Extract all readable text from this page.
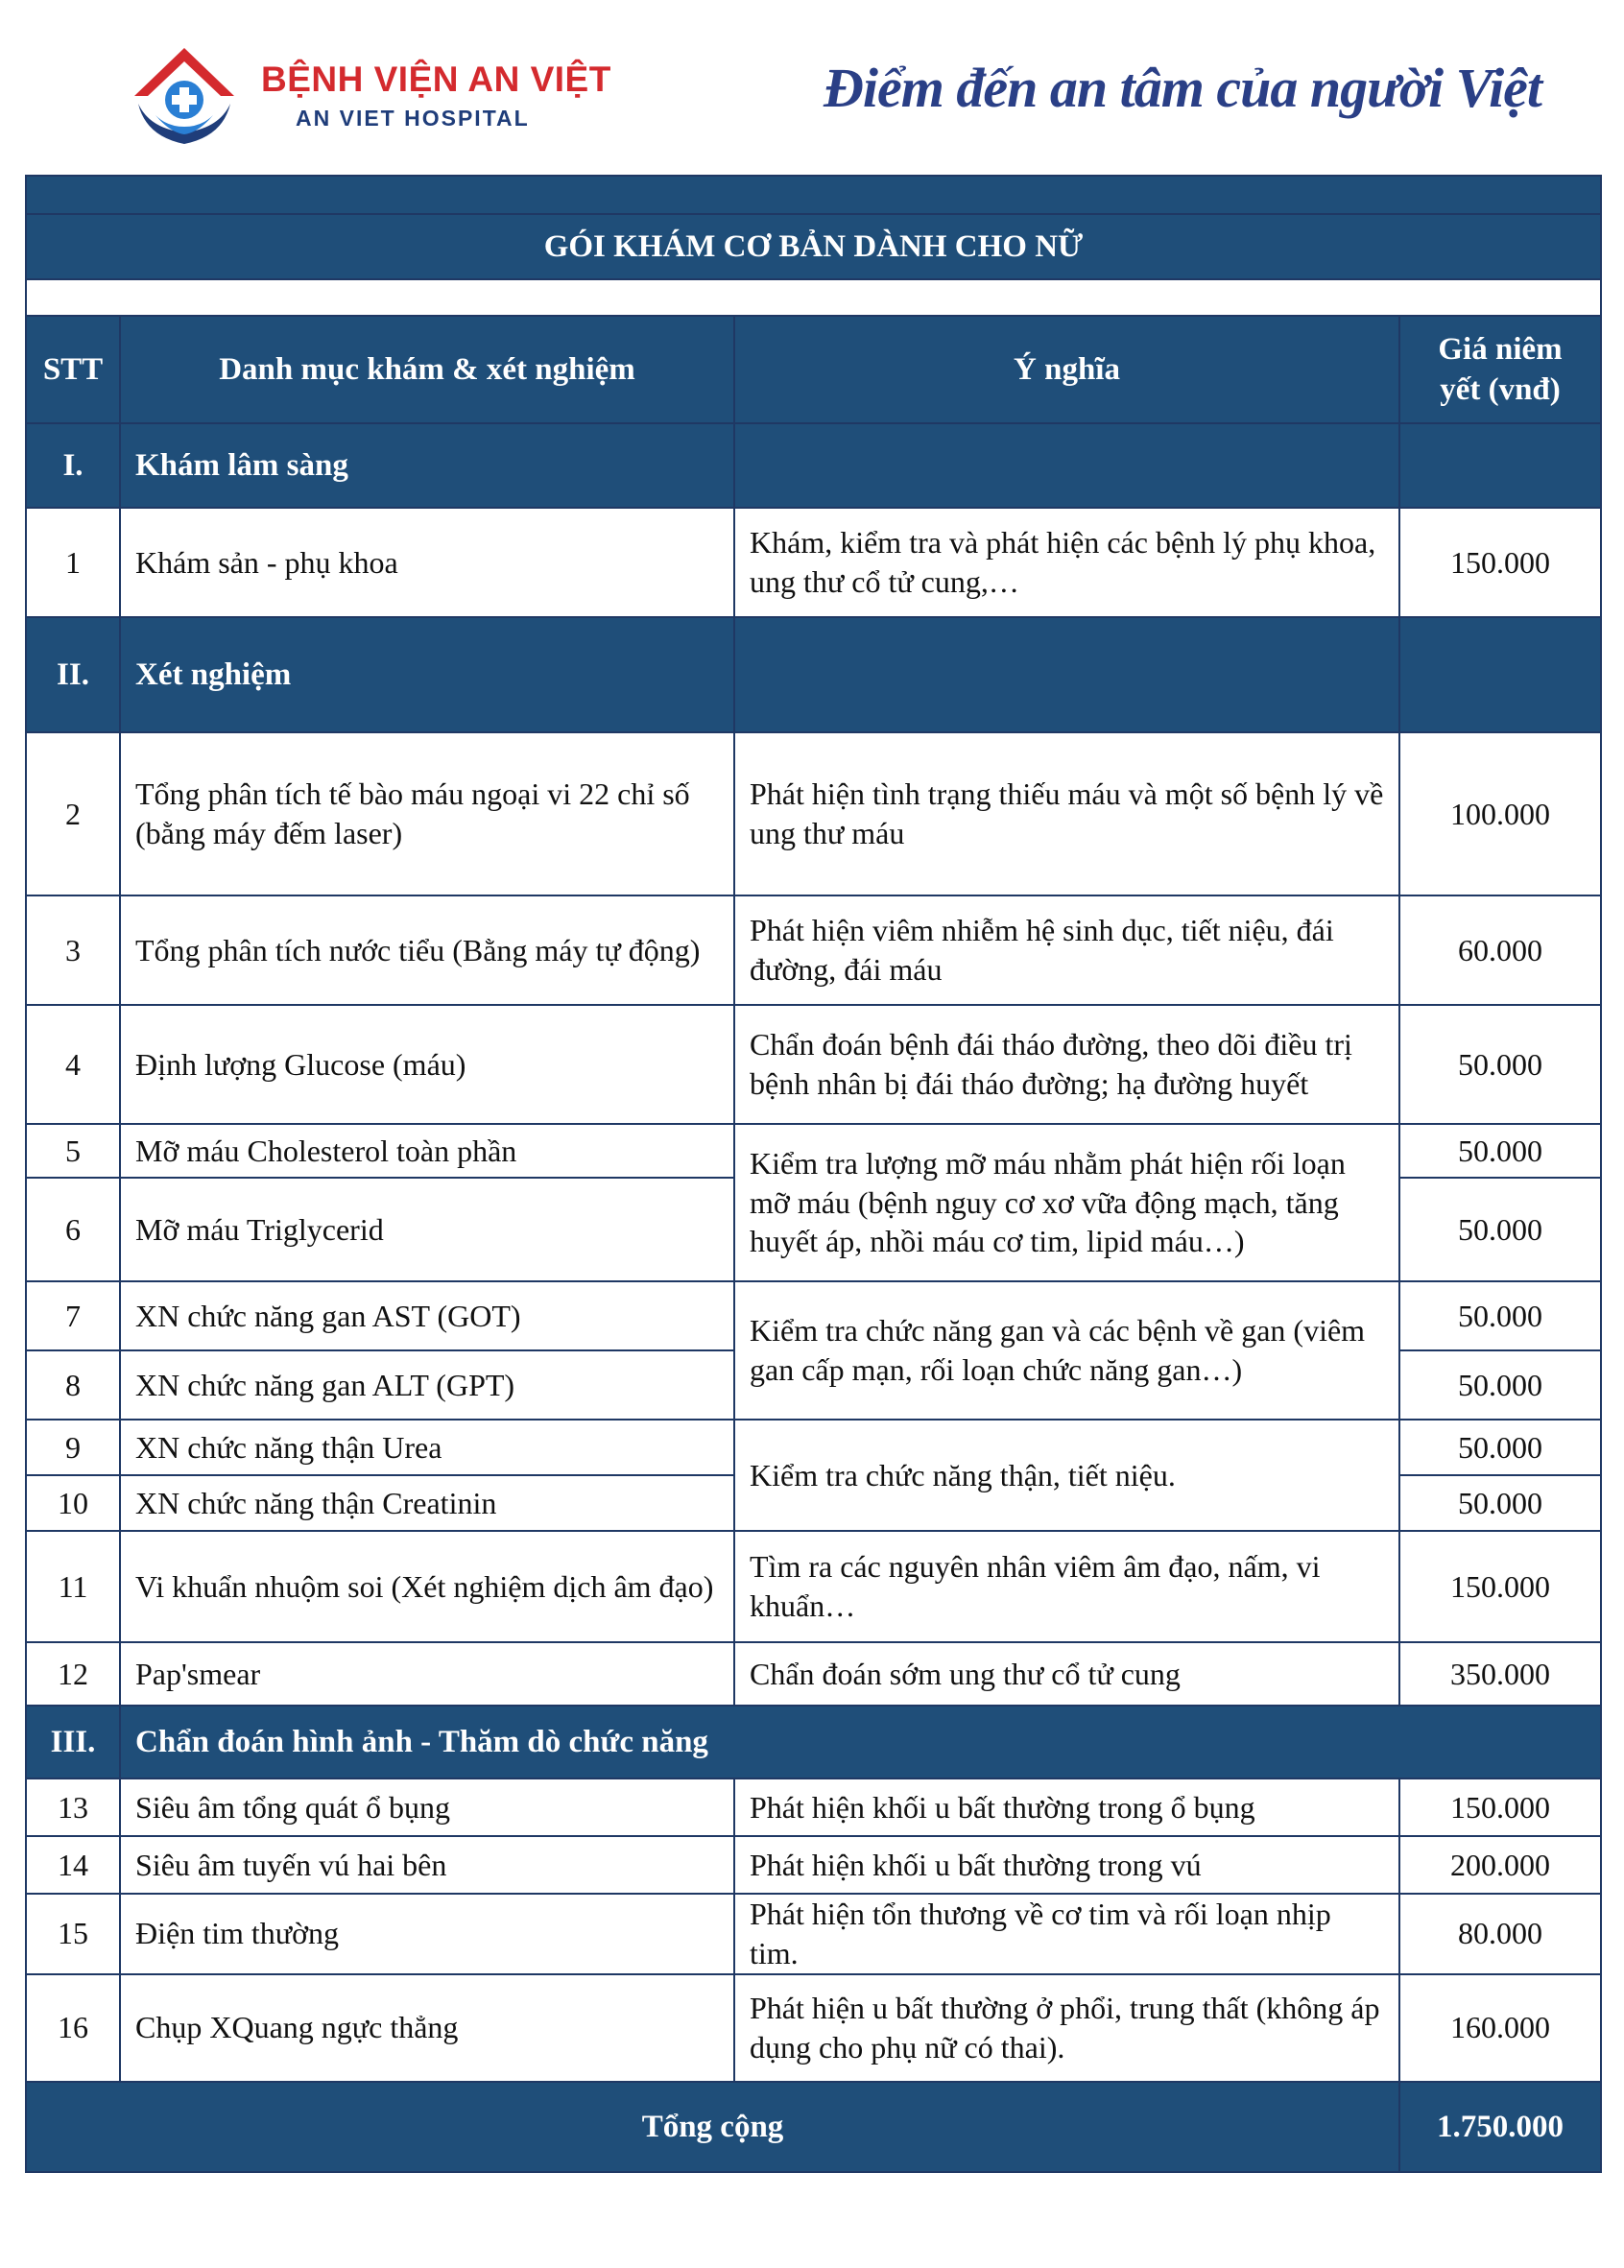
BỆNH VIỆN AN VIỆT
AN VIET HOSPITAL	Điểm đến an tâm của người Việt

GÓI KHÁM CƠ BẢN DÀNH CHO NỮ			

STT	Danh mục khám & xét nghiệm	Ý nghĩa	Giá niêm yết (vnđ)
I.	Khám lâm sàng		
1	Khám sản - phụ khoa	Khám, kiểm tra và phát hiện các bệnh lý phụ khoa, ung thư cổ tử cung,…	150.000
II.	Xét nghiệm		
2	Tổng phân tích tế bào máu ngoại vi 22 chỉ số (bằng máy đếm laser)	Phát hiện tình trạng thiếu máu và một số bệnh lý về ung thư máu	100.000
3	Tổng phân tích nước tiểu (Bằng máy tự động)	Phát hiện viêm nhiễm hệ sinh dục, tiết niệu, đái đường, đái máu	60.000
4	Định lượng Glucose (máu)	Chẩn đoán bệnh đái tháo đường, theo dõi điều trị bệnh nhân bị đái tháo đường; hạ đường huyết	50.000
5	Mỡ máu Cholesterol toàn phần	Kiểm tra lượng mỡ máu nhằm phát hiện rối loạn mỡ máu (bệnh nguy cơ xơ vữa động mạch, tăng huyết áp, nhồi máu cơ tim, lipid máu…)	50.000
6	Mỡ máu Triglycerid		50.000
7	XN chức năng gan AST (GOT)	Kiểm tra chức năng gan và các bệnh về gan (viêm gan cấp mạn, rối loạn chức năng gan…)	50.000
8	XN chức năng gan ALT (GPT)		50.000
9	XN chức năng thận Urea	Kiểm tra chức năng thận, tiết niệu.	50.000
10	XN chức năng thận Creatinin		50.000
11	Vi khuẩn nhuộm soi (Xét nghiệm dịch âm đạo)	Tìm ra các nguyên nhân viêm âm đạo, nấm, vi khuẩn…	150.000
12	Pap'smear	Chẩn đoán sớm ung thư cổ tử cung	350.000
III.	Chẩn đoán hình ảnh - Thăm dò chức năng		
13	Siêu âm tổng quát ổ bụng	Phát hiện khối u bất thường trong ổ bụng	150.000
14	Siêu âm tuyến vú hai bên	Phát hiện khối u bất thường trong vú	200.000
15	Điện tim thường	Phát hiện tổn thương về cơ tim và rối loạn nhịp tim.	80.000
16	Chụp XQuang ngực thẳng	Phát hiện u bất thường ở phổi, trung thất (không áp dụng cho phụ nữ có thai).	160.000
Tổng cộng			1.750.000
